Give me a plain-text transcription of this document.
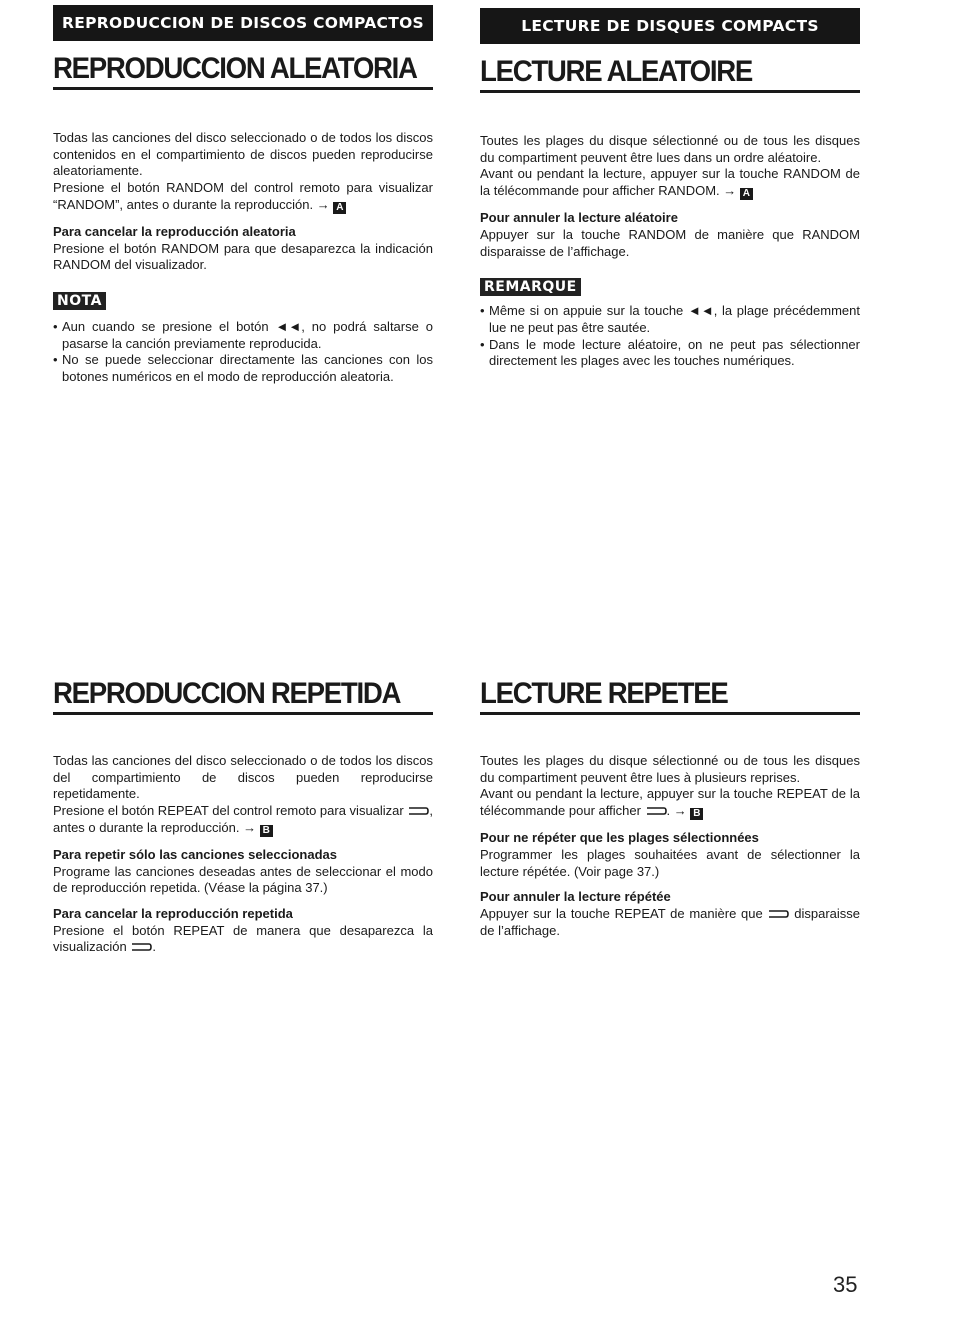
REPRODUCCION DE DISCOS COMPACTOS	LECTURE DE DISQUES COMPACTS
REPRODUCCION ALEATORIA

Todas las canciones del disco seleccionado o de todos los discos contenidos en el compartimiento de discos pueden reproducirse aleatoriamente.

Presione el botón RANDOM del control remoto para visualizar “RANDOM”, antes o durante la reproducción. → A

Para cancelar la reproducción aleatoria

Presione el botón RANDOM para que desaparezca la indicación RANDOM del visualizador.

NOTA
• Aun cuando se presione el botón ◄◄, no podrá saltarse o pasarse la canción previamente reproducida.
• No se puede seleccionar directamente las canciones con los botones numéricos en el modo de reproducción aleatoria.
LECTURE ALEATOIRE

Toutes les plages du disque sélectionné ou de tous les disques du compartiment peuvent être lues dans un ordre aléatoire.

Avant ou pendant la lecture, appuyer sur la touche RANDOM de la télécommande pour afficher RANDOM. → A

Pour annuler la lecture aléatoire

Appuyer sur la touche RANDOM de manière que RANDOM disparaisse de l’affichage.

REMARQUE
• Même si on appuie sur la touche ◄◄, la plage précédemment lue ne peut pas être sautée.
• Dans le mode lecture aléatoire, on ne peut pas sélectionner directement les plages avec les touches numériques.
REPRODUCCION REPETIDA

Todas las canciones del disco seleccionado o de todos los discos del compartimiento de discos pueden reproducirse repetidamente.

Presione el botón REPEAT del control remoto para visualizar , antes o durante la reproducción. → B

Para repetir sólo las canciones seleccionadas

Programe las canciones deseadas antes de seleccionar el modo de reproducción repetida. (Véase la página 37.)

Para cancelar la reproducción repetida

Presione el botón REPEAT de manera que desaparezca la visualización .

LECTURE REPETEE

Toutes les plages du disque sélectionné ou de tous les disques du compartiment peuvent être lues à plusieurs reprises.

Avant ou pendant la lecture, appuyer sur la touche REPEAT de la télécommande pour afficher . → B

Pour ne répéter que les plages sélectionnées

Programmer les plages souhaitées avant de sélectionner la lecture répétée. (Voir page 37.)

Pour annuler la lecture répétée

Appuyer sur la touche REPEAT de manière que disparaisse de l’affichage.

35
